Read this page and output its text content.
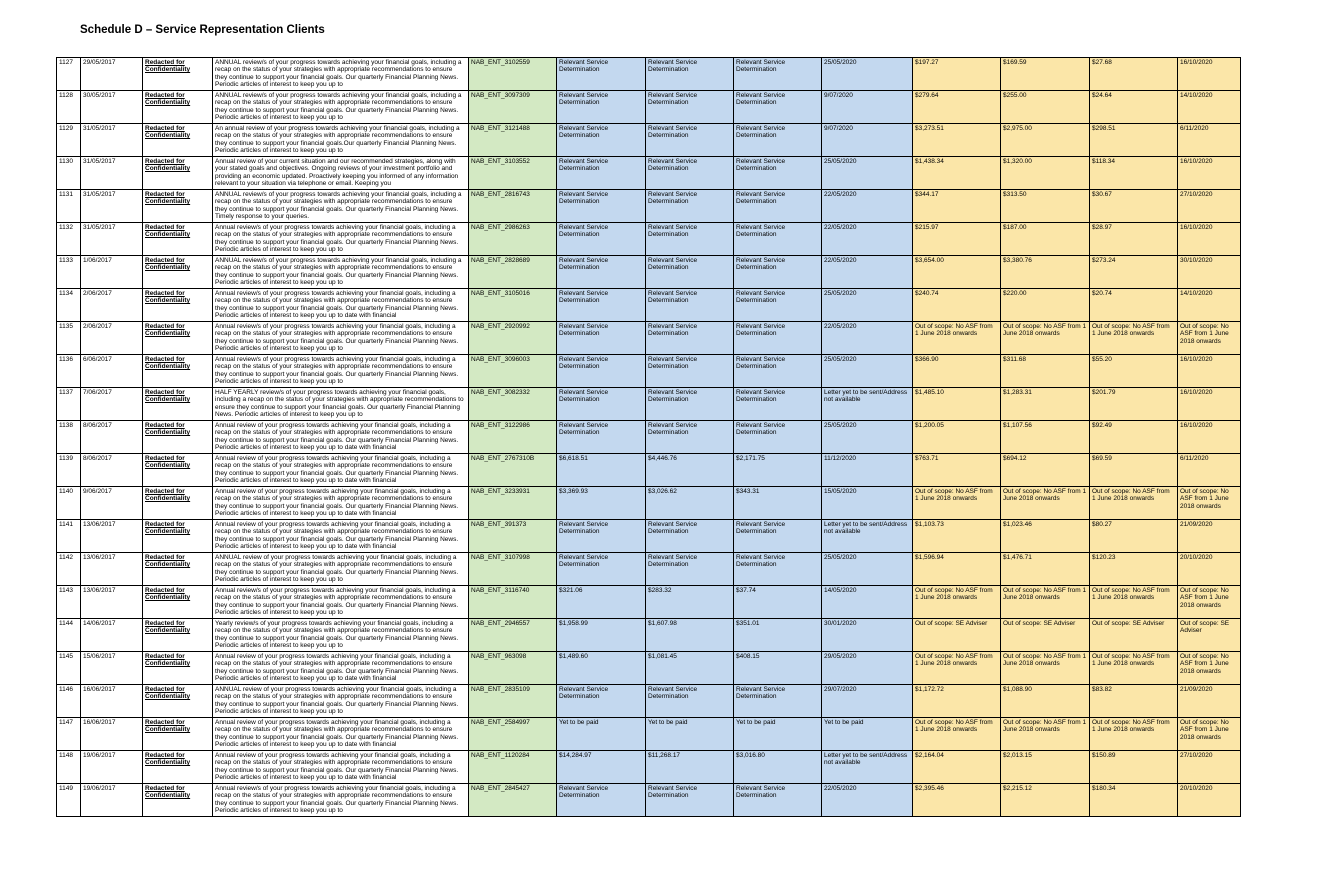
Schedule D – Service Representation Clients
1127	29/05/2017	Redacted for Confidentiality	ANNUAL review/s of your progress towards achieving your financial goals, including a recap on the status of your strategies with appropriate recommendations to ensure they continue to support your financial goals. Our quarterly Financial Planning News. Periodic articles of interest to keep you up to	NAB_ENT_3102559	Relevant Service Determination	Relevant Service Determination	Relevant Service Determination	25/05/2020	$197.27	$169.59	$27.68	16/10/2020

1128	30/05/2017	Redacted for Confidentiality	ANNUAL review/s of your progress towards achieving your financial goals, including a recap on the status of your strategies with appropriate recommendations to ensure they continue to support your financial goals. Our quarterly Financial Planning News. Periodic articles of interest to keep you up to	NAB_ENT_3097309	Relevant Service Determination	Relevant Service Determination	Relevant Service Determination	9/07/2020	$279.64	$255.00	$24.64	14/10/2020

1129	31/05/2017	Redacted for Confidentiality	An annual review of your progress towards achieving your financial goals, including a recap on the status of your strategies with appropriate recommendations to ensure they continue to support your financial goals.Our quarterly Financial Planning News. Periodic articles of interest to keep you up to	NAB_ENT_3121488	Relevant Service Determination	Relevant Service Determination	Relevant Service Determination	9/07/2020	$3,273.51	$2,975.00	$298.51	6/11/2020

1130	31/05/2017	Redacted for Confidentiality	Annual review of your current situation and our recommended strategies, along with your stated goals and objectives. Ongoing reviews of your investment portfolio and providing an economic updated. Proactively keeping you informed of any information relevant to your situation via telephone or email. Keeping you	NAB_ENT_3103552	Relevant Service Determination	Relevant Service Determination	Relevant Service Determination	25/05/2020	$1,438.34	$1,320.00	$118.34	16/10/2020

1131	31/05/2017	Redacted for Confidentiality	ANNUAL review/s of your progress towards achieving your financial goals, including a recap on the status of your strategies with appropriate recommendations to ensure they continue to support your financial goals. Our quarterly Financial Planning News. Timely response to your queries.	NAB_ENT_2816743	Relevant Service Determination	Relevant Service Determination	Relevant Service Determination	22/05/2020	$344.17	$313.50	$30.67	27/10/2020

1132	31/05/2017	Redacted for Confidentiality	Annual review/s of your progress towards achieving your financial goals, including a recap on the status of your strategies with appropriate recommendations to ensure they continue to support your financial goals. Our quarterly Financial Planning News. Periodic articles of interest to keep you up to	NAB_ENT_2986263	Relevant Service Determination	Relevant Service Determination	Relevant Service Determination	22/05/2020	$215.97	$187.00	$28.97	16/10/2020

1133	1/06/2017	Redacted for Confidentiality	ANNUAL review/s of your progress towards achieving your financial goals, including a recap on the status of your strategies with appropriate recommendations to ensure they continue to support your financial goals. Our quarterly Financial Planning News. Periodic articles of interest to keep you up to	NAB_ENT_2828689	Relevant Service Determination	Relevant Service Determination	Relevant Service Determination	22/05/2020	$3,654.00	$3,380.76	$273.24	30/10/2020

1134	2/06/2017	Redacted for Confidentiality	Annual review/s of your progress towards achieving your financial goals, including a recap on the status of your strategies with appropriate recommendations to ensure they continue to support your financial goals. Our quarterly Financial Planning News. Periodic articles of interest to keep you up to date with financial	NAB_ENT_3105016	Relevant Service Determination	Relevant Service Determination	Relevant Service Determination	25/05/2020	$240.74	$220.00	$20.74	14/10/2020

1135	2/06/2017	Redacted for Confidentiality	Annual review/s of your progress towards achieving your financial goals, including a recap on the status of your strategies with appropriate recommendations to ensure they continue to support your financial goals. Our quarterly Financial Planning News. Periodic articles of interest to keep you up to	NAB_ENT_2920992	Relevant Service Determination	Relevant Service Determination	Relevant Service Determination	22/05/2020	Out of scope: No ASF from 1 June 2018 onwards	Out of scope: No ASF from 1 June 2018 onwards	Out of scope: No ASF from 1 June 2018 onwards	Out of scope: No ASF from 1 June 2018 onwards

1136	6/06/2017	Redacted for Confidentiality	Annual review/s of your progress towards achieving your financial goals, including a recap on the status of your strategies with appropriate recommendations to ensure they continue to support your financial goals. Our quarterly Financial Planning News. Periodic articles of interest to keep you up to	NAB_ENT_3096003	Relevant Service Determination	Relevant Service Determination	Relevant Service Determination	25/05/2020	$366.90	$311.68	$55.20	16/10/2020

1137	7/06/2017	Redacted for Confidentiality	HALF YEARLY review/s of your progress towards achieving your financial goals, including a recap on the status of your strategies with appropriate recommendations to ensure they continue to support your financial goals. Our quarterly Financial Planning News. Periodic articles of interest to keep you up to	NAB_ENT_3082332	Relevant Service Determination	Relevant Service Determination	Relevant Service Determination	Letter yet to be sent/Address not available	$1,485.10	$1,283.31	$201.79	16/10/2020

1138	8/06/2017	Redacted for Confidentiality	Annual review of your progress towards achieving your financial goals, including a recap on the status of your strategies with appropriate recommendations to ensure they continue to support your financial goals. Our quarterly Financial Planning News. Periodic articles of interest to keep you up to date with financial	NAB_ENT_3122986	Relevant Service Determination	Relevant Service Determination	Relevant Service Determination	25/05/2020	$1,200.05	$1,107.56	$92.49	16/10/2020

1139	8/06/2017	Redacted for Confidentiality	Annual review of your progress towards achieving your financial goals, including a recap on the status of your strategies with appropriate recommendations to ensure they continue to support your financial goals. Our quarterly Financial Planning News. Periodic articles of interest to keep you up to date with financial	NAB_ENT_2767310B	$6,618.51	$4,446.76	$2,171.75	11/12/2020	$763.71	$694.12	$69.59	6/11/2020

1140	9/06/2017	Redacted for Confidentiality	Annual review of your progress towards achieving your financial goals, including a recap on the status of your strategies with appropriate recommendations to ensure they continue to support your financial goals. Our quarterly Financial Planning News. Periodic articles of interest to keep you up to date with financial	NAB_ENT_3233931	$3,369.93	$3,026.62	$343.31	15/05/2020	Out of scope: No ASF from 1 June 2018 onwards	Out of scope: No ASF from 1 June 2018 onwards	Out of scope: No ASF from 1 June 2018 onwards	Out of scope: No ASF from 1 June 2018 onwards

1141	13/06/2017	Redacted for Confidentiality	Annual review of your progress towards achieving your financial goals, including a recap on the status of your strategies with appropriate recommendations to ensure they continue to support your financial goals. Our quarterly Financial Planning News. Periodic articles of interest to keep you up to date with financial	NAB_ENT_391373	Relevant Service Determination	Relevant Service Determination	Relevant Service Determination	Letter yet to be sent/Address not available	$1,103.73	$1,023.46	$80.27	21/09/2020

1142	13/06/2017	Redacted for Confidentiality	ANNUAL review of your progress towards achieving your financial goals, including a recap on the status of your strategies with appropriate recommendations to ensure they continue to support your financial goals. Our quarterly Financial Planning News. Periodic articles of interest to keep you up to	NAB_ENT_3107998	Relevant Service Determination	Relevant Service Determination	Relevant Service Determination	25/05/2020	$1,596.94	$1,476.71	$120.23	20/10/2020

1143	13/06/2017	Redacted for Confidentiality	Annual review/s of your progress towards achieving your financial goals, including a recap on the status of your strategies with appropriate recommendations to ensure they continue to support your financial goals. Our quarterly Financial Planning News. Periodic articles of interest to keep you up to	NAB_ENT_3116740	$321.06	$283.32	$37.74	14/05/2020	Out of scope: No ASF from 1 June 2018 onwards	Out of scope: No ASF from 1 June 2018 onwards	Out of scope: No ASF from 1 June 2018 onwards	Out of scope: No ASF from 1 June 2018 onwards

1144	14/06/2017	Redacted for Confidentiality	Yearly review/s of your progress towards achieving your financial goals, including a recap on the status of your strategies with appropriate recommendations to ensure they continue to support your financial goals. Our quarterly Financial Planning News. Periodic articles of interest to keep you up to	NAB_ENT_2946557	$1,958.99	$1,607.98	$351.01	30/01/2020	Out of scope: SE Adviser	Out of scope: SE Adviser	Out of scope: SE Adviser	Out of scope: SE Adviser

1145	15/06/2017	Redacted for Confidentiality	Annual review of your progress towards achieving your financial goals, including a recap on the status of your strategies with appropriate recommendations to ensure they continue to support your financial goals. Our quarterly Financial Planning News. Periodic articles of interest to keep you up to date with financial	NAB_ENT_963098	$1,489.60	$1,081.45	$408.15	29/05/2020	Out of scope: No ASF from 1 June 2018 onwards	Out of scope: No ASF from 1 June 2018 onwards	Out of scope: No ASF from 1 June 2018 onwards	Out of scope: No ASF from 1 June 2018 onwards

1146	16/06/2017	Redacted for Confidentiality	ANNUAL review of your progress towards achieving your financial goals, including a recap on the status of your strategies with appropriate recommendations to ensure they continue to support your financial goals. Our quarterly Financial Planning News. Periodic articles of interest to keep you up to	NAB_ENT_2835109	Relevant Service Determination	Relevant Service Determination	Relevant Service Determination	29/07/2020	$1,172.72	$1,088.90	$83.82	21/09/2020

1147	16/06/2017	Redacted for Confidentiality	Annual review of your progress towards achieving your financial goals, including a recap on the status of your strategies with appropriate recommendations to ensure they continue to support your financial goals. Our quarterly Financial Planning News. Periodic articles of interest to keep you up to date with financial	NAB_ENT_2584997	Yet to be paid	Yet to be paid	Yet to be paid	Yet to be paid	Out of scope: No ASF from 1 June 2018 onwards	Out of scope: No ASF from 1 June 2018 onwards	Out of scope: No ASF from 1 June 2018 onwards	Out of scope: No ASF from 1 June 2018 onwards

1148	19/06/2017	Redacted for Confidentiality	Annual review of your progress towards achieving your financial goals, including a recap on the status of your strategies with appropriate recommendations to ensure they continue to support your financial goals. Our quarterly Financial Planning News. Periodic articles of interest to keep you up to date with financial	NAB_ENT_1120284	$14,284.97	$11,268.17	$3,016.80	Letter yet to be sent/Address not available	$2,164.04	$2,013.15	$150.89	27/10/2020

1149	19/06/2017	Redacted for Confidentiality	Annual review/s of your progress towards achieving your financial goals, including a recap on the status of your strategies with appropriate recommendations to ensure they continue to support your financial goals. Our quarterly Financial Planning News. Periodic articles of interest to keep you up to	NAB_ENT_2845427	Relevant Service Determination	Relevant Service Determination	Relevant Service Determination	22/05/2020	$2,395.46	$2,215.12	$180.34	20/10/2020
